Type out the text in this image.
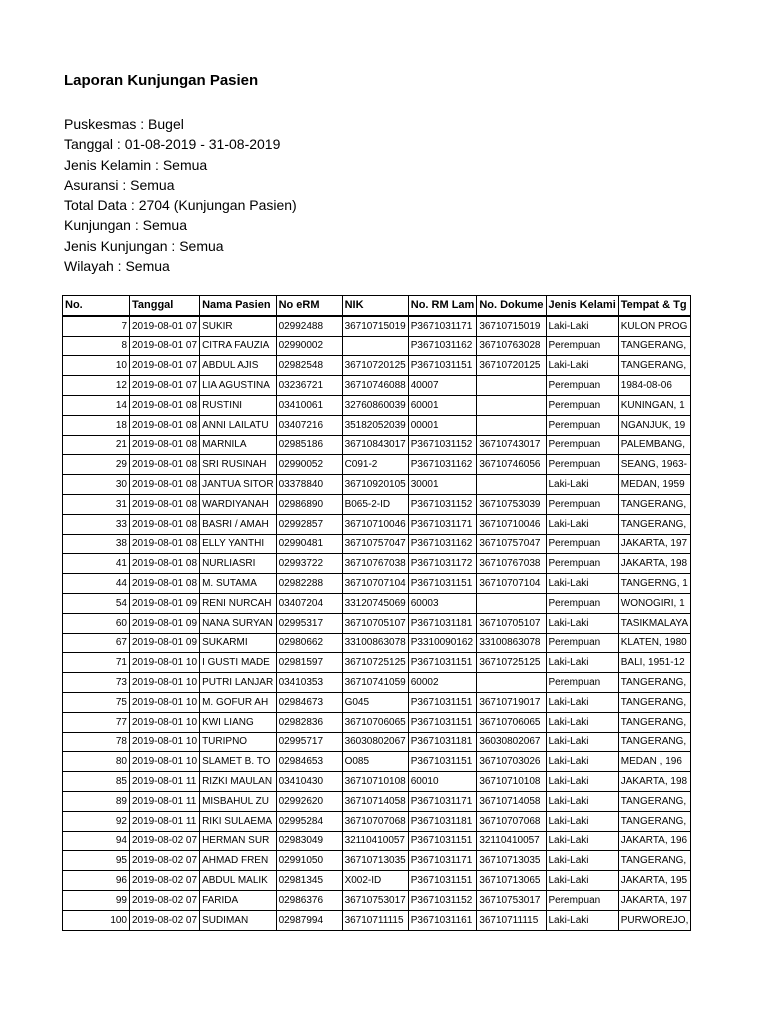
Laporan Kunjungan Pasien
Puskesmas : Bugel
Tanggal : 01-08-2019 - 31-08-2019
Jenis Kelamin : Semua
Asuransi : Semua
Total Data : 2704 (Kunjungan Pasien)
Kunjungan : Semua
Jenis Kunjungan : Semua
Wilayah : Semua
No.	Tanggal	Nama Pasien	No eRM	NIK	No. RM Lam	No. Dokume	Jenis Kelami	Tempat & Tg
7	2019-08-01 07	SUKIR	02992488	36710715019	P3671031171	36710715019	Laki-Laki	KULON PROG
8	2019-08-01 07	CITRA FAUZIA	02990002		P3671031162	36710763028	Perempuan	TANGERANG,
10	2019-08-01 07	ABDUL AJIS	02982548	36710720125	P3671031151	36710720125	Laki-Laki	TANGERANG,
12	2019-08-01 07	LIA AGUSTINA	03236721	36710746088	40007		Perempuan	1984-08-06
14	2019-08-01 08	RUSTINI	03410061	32760860039	60001		Perempuan	KUNINGAN, 1
18	2019-08-01 08	ANNI LAILATU	03407216	35182052039	00001		Perempuan	NGANJUK, 19
21	2019-08-01 08	MARNILA	02985186	36710843017	P3671031152	36710743017	Perempuan	PALEMBANG,
29	2019-08-01 08	SRI RUSINAH	02990052	C091-2	P3671031162	36710746056	Perempuan	SEANG, 1963-
30	2019-08-01 08	JANTUA SITOR	03378840	36710920105	30001		Laki-Laki	MEDAN, 1959
31	2019-08-01 08	WARDIYANAH	02986890	B065-2-ID	P3671031152	36710753039	Perempuan	TANGERANG,
33	2019-08-01 08	BASRI / AMAH	02992857	36710710046	P3671031171	36710710046	Laki-Laki	TANGERANG,
38	2019-08-01 08	ELLY YANTHI	02990481	36710757047	P3671031162	36710757047	Perempuan	JAKARTA, 197
41	2019-08-01 08	NURLIASRI	02993722	36710767038	P3671031172	36710767038	Perempuan	JAKARTA, 198
44	2019-08-01 08	M. SUTAMA	02982288	36710707104	P3671031151	36710707104	Laki-Laki	TANGERNG, 1
54	2019-08-01 09	RENI NURCAH	03407204	33120745069	60003		Perempuan	WONOGIRI, 1
60	2019-08-01 09	NANA SURYAN	02995317	36710705107	P3671031181	36710705107	Laki-Laki	TASIKMALAYA
67	2019-08-01 09	SUKARMI	02980662	33100863078	P3310090162	33100863078	Perempuan	KLATEN, 1980
71	2019-08-01 10	I GUSTI MADE	02981597	36710725125	P3671031151	36710725125	Laki-Laki	BALI, 1951-12
73	2019-08-01 10	PUTRI LANJAR	03410353	36710741059	60002		Perempuan	TANGERANG,
75	2019-08-01 10	M. GOFUR AH	02984673	G045	P3671031151	36710719017	Laki-Laki	TANGERANG,
77	2019-08-01 10	KWI LIANG	02982836	36710706065	P3671031151	36710706065	Laki-Laki	TANGERANG,
78	2019-08-01 10	TURIPNO	02995717	36030802067	P3671031181	36030802067	Laki-Laki	TANGERANG,
80	2019-08-01 10	SLAMET B. TO	02984653	O085	P3671031151	36710703026	Laki-Laki	MEDAN , 196
85	2019-08-01 11	RIZKI MAULAN	03410430	36710710108	60010	36710710108	Laki-Laki	JAKARTA, 198
89	2019-08-01 11	MISBAHUL ZU	02992620	36710714058	P3671031171	36710714058	Laki-Laki	TANGERANG,
92	2019-08-01 11	RIKI SULAEMA	02995284	36710707068	P3671031181	36710707068	Laki-Laki	TANGERANG,
94	2019-08-02 07	HERMAN SUR	02983049	32110410057	P3671031151	32110410057	Laki-Laki	JAKARTA, 196
95	2019-08-02 07	AHMAD FREN	02991050	36710713035	P3671031171	36710713035	Laki-Laki	TANGERANG,
96	2019-08-02 07	ABDUL MALIK	02981345	X002-ID	P3671031151	36710713065	Laki-Laki	JAKARTA, 195
99	2019-08-02 07	FARIDA	02986376	36710753017	P3671031152	36710753017	Perempuan	JAKARTA, 197
100	2019-08-02 07	SUDIMAN	02987994	36710711115	P3671031161	36710711115	Laki-Laki	PURWOREJO,
